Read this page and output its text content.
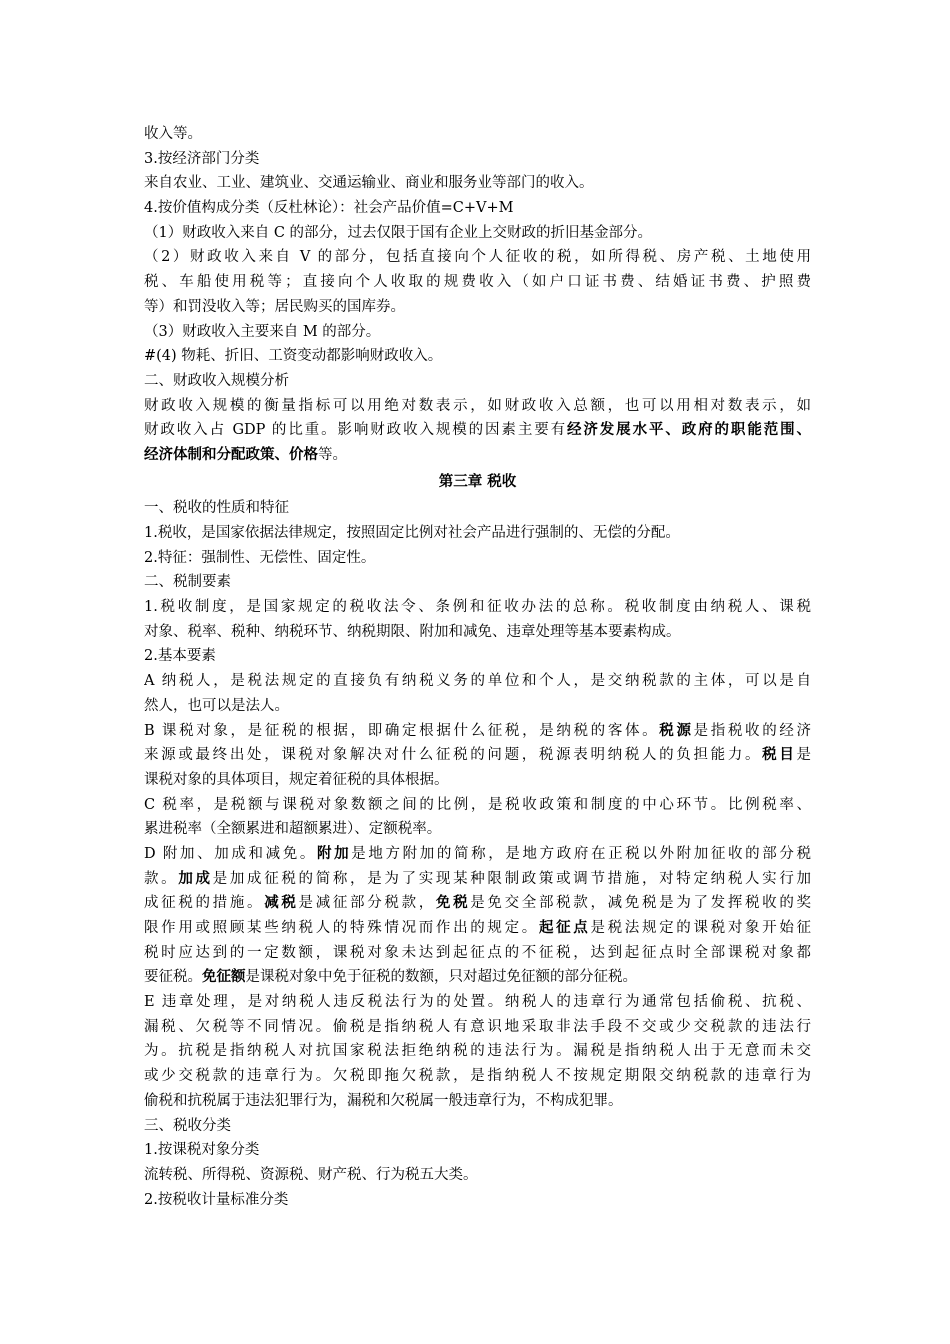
收入等。
3.按经济部门分类
来自农业、工业、建筑业、交通运输业、商业和服务业等部门的收入。
4.按价值构成分类（反杜林论）：社会产品价值=C+V+M
（1）财政收入来自 C 的部分，过去仅限于国有企业上交财政的折旧基金部分。
（2）财政收入来自 V 的部分，包括直接向个人征收的税，如所得税、房产税、土地使用
税、车船使用税等；直接向个人收取的规费收入（如户口证书费、结婚证书费、护照费
等）和罚没收入等；居民购买的国库券。
（3）财政收入主要来自 M 的部分。
#(4) 物耗、折旧、工资变动都影响财政收入。
二、财政收入规模分析
财政收入规模的衡量指标可以用绝对数表示，如财政收入总额，也可以用相对数表示，如
财政收入占 GDP 的比重。影响财政收入规模的因素主要有经济发展水平、政府的职能范围、
经济体制和分配政策、价格等。
第三章 税收
一、税收的性质和特征
1.税收，是国家依据法律规定，按照固定比例对社会产品进行强制的、无偿的分配。
2.特征：强制性、无偿性、固定性。
二、税制要素
1.税收制度，是国家规定的税收法令、条例和征收办法的总称。税收制度由纳税人、课税
对象、税率、税种、纳税环节、纳税期限、附加和减免、违章处理等基本要素构成。
2.基本要素
A 纳税人，是税法规定的直接负有纳税义务的单位和个人，是交纳税款的主体，可以是自
然人，也可以是法人。
B 课税对象，是征税的根据，即确定根据什么征税，是纳税的客体。税源是指税收的经济
来源或最终出处，课税对象解决对什么征税的问题，税源表明纳税人的负担能力。税目是
课税对象的具体项目，规定着征税的具体根据。
C 税率，是税额与课税对象数额之间的比例，是税收政策和制度的中心环节。比例税率、
累进税率（全额累进和超额累进）、定额税率。
D 附加、加成和减免。附加是地方附加的简称，是地方政府在正税以外附加征收的部分税
款。加成是加成征税的简称，是为了实现某种限制政策或调节措施，对特定纳税人实行加
成征税的措施。减税是减征部分税款，免税是免交全部税款，减免税是为了发挥税收的奖
限作用或照顾某些纳税人的特殊情况而作出的规定。起征点是税法规定的课税对象开始征
税时应达到的一定数额，课税对象未达到起征点的不征税，达到起征点时全部课税对象都
要征税。免征额是课税对象中免于征税的数额，只对超过免征额的部分征税。
E 违章处理，是对纳税人违反税法行为的处置。纳税人的违章行为通常包括偷税、抗税、
漏税、欠税等不同情况。偷税是指纳税人有意识地采取非法手段不交或少交税款的违法行
为。抗税是指纳税人对抗国家税法拒绝纳税的违法行为。漏税是指纳税人出于无意而未交
或少交税款的违章行为。欠税即拖欠税款，是指纳税人不按规定期限交纳税款的违章行为
偷税和抗税属于违法犯罪行为，漏税和欠税属一般违章行为，不构成犯罪。
三、税收分类
1.按课税对象分类
流转税、所得税、资源税、财产税、行为税五大类。
2.按税收计量标准分类
